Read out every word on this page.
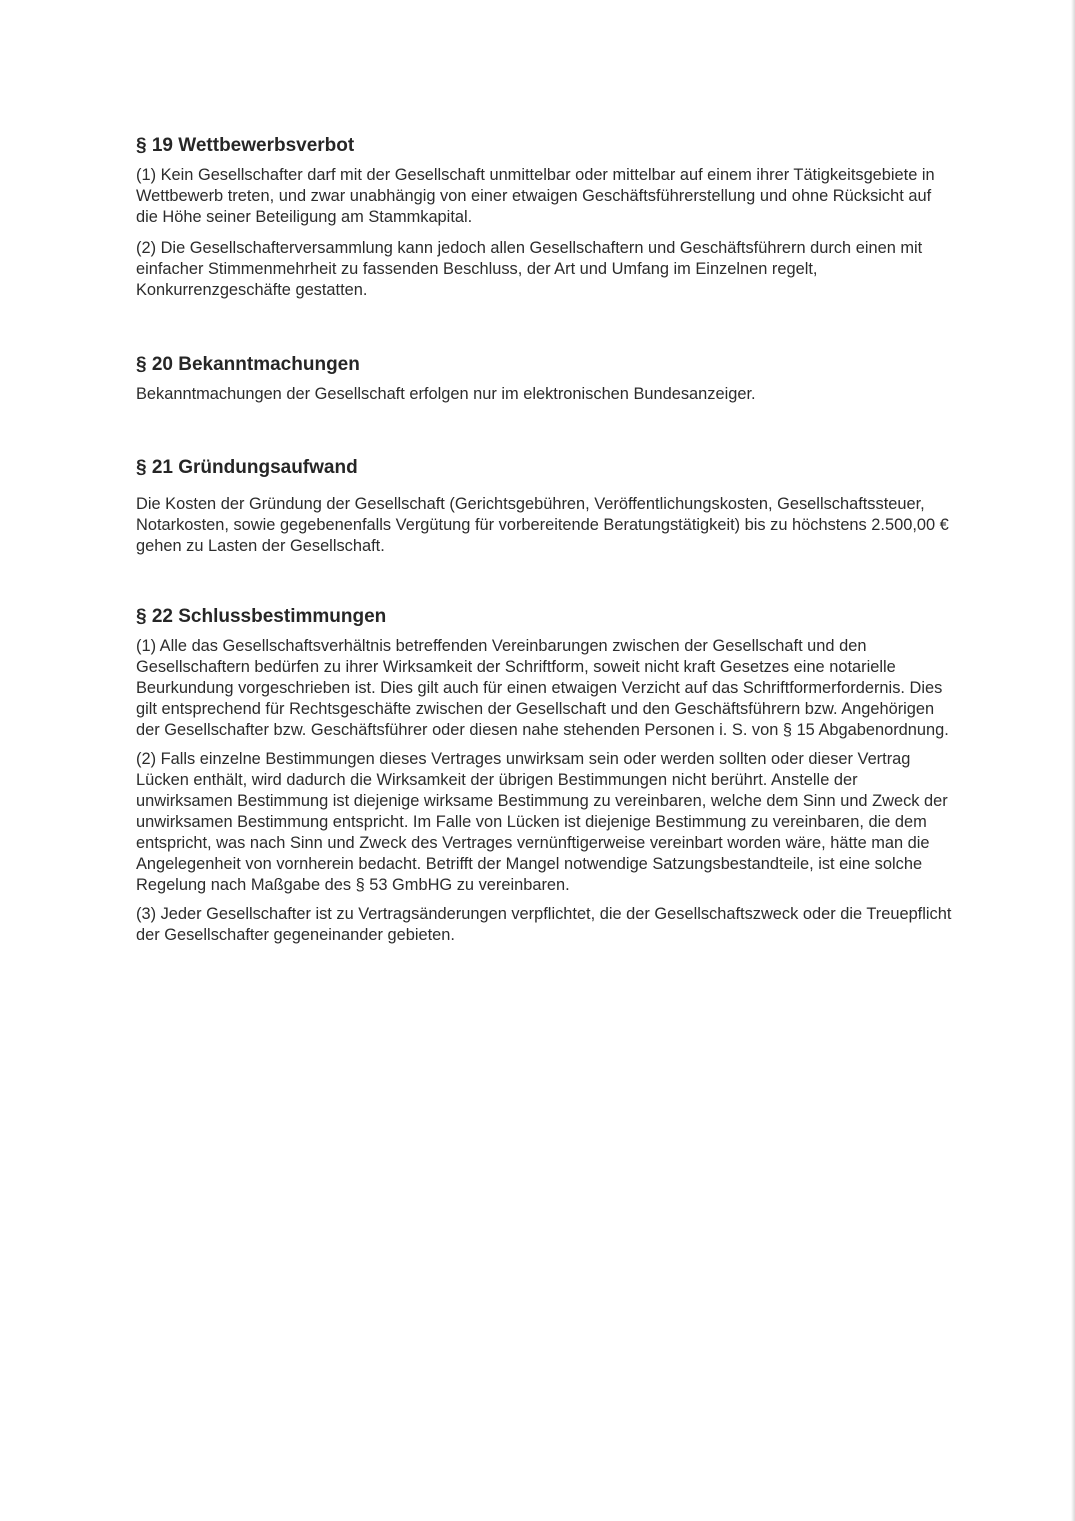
§ 19 Wettbewerbsverbot

(1) Kein Gesellschafter darf mit der Gesellschaft unmittelbar oder mittelbar auf einem ihrer Tätigkeitsgebiete in Wettbewerb treten, und zwar unabhängig von einer etwaigen Geschäftsführerstellung und ohne Rücksicht auf die Höhe seiner Beteiligung am Stammkapital.

(2) Die Gesellschafterversammlung kann jedoch allen Gesellschaftern und Geschäftsführern durch einen mit einfacher Stimmenmehrheit zu fassenden Beschluss, der Art und Umfang im Einzelnen regelt, Konkurrenzgeschäfte gestatten.

§ 20 Bekanntmachungen

Bekanntmachungen der Gesellschaft erfolgen nur im elektronischen Bundesanzeiger.

§ 21 Gründungsaufwand

Die Kosten der Gründung der Gesellschaft (Gerichtsgebühren, Veröffentlichungskosten, Gesellschaftssteuer, Notarkosten, sowie gegebenenfalls Vergütung für vorbereitende Beratungstätigkeit) bis zu höchstens 2.500,00 € gehen zu Lasten der Gesellschaft.

§ 22 Schlussbestimmungen

(1) Alle das Gesellschaftsverhältnis betreffenden Vereinbarungen zwischen der Gesellschaft und den Gesellschaftern bedürfen zu ihrer Wirksamkeit der Schriftform, soweit nicht kraft Gesetzes eine notarielle Beurkundung vorgeschrieben ist. Dies gilt auch für einen etwaigen Verzicht auf das Schriftformerfordernis. Dies gilt entsprechend für Rechtsgeschäfte zwischen der Gesellschaft und den Geschäftsführern bzw. Angehörigen der Gesellschafter bzw. Geschäftsführer oder diesen nahe stehenden Personen i. S. von § 15 Abgabenordnung.

(2) Falls einzelne Bestimmungen dieses Vertrages unwirksam sein oder werden sollten oder dieser Vertrag Lücken enthält, wird dadurch die Wirksamkeit der übrigen Bestimmungen nicht berührt. Anstelle der unwirksamen Bestimmung ist diejenige wirksame Bestimmung zu vereinbaren, welche dem Sinn und Zweck der unwirksamen Bestimmung entspricht. Im Falle von Lücken ist diejenige Bestimmung zu vereinbaren, die dem entspricht, was nach Sinn und Zweck des Vertrages vernünftigerweise vereinbart worden wäre, hätte man die Angelegenheit von vornherein bedacht. Betrifft der Mangel notwendige Satzungsbestandteile, ist eine solche Regelung nach Maßgabe des § 53 GmbHG zu vereinbaren.

(3) Jeder Gesellschafter ist zu Vertragsänderungen verpflichtet, die der Gesellschaftszweck oder die Treuepflicht der Gesellschafter gegeneinander gebieten.
